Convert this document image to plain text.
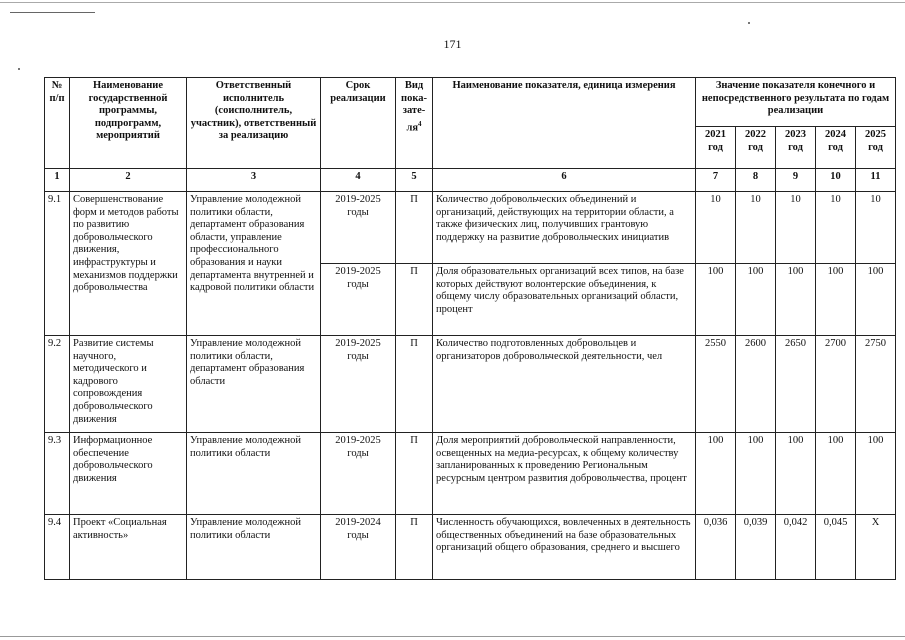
171
№ п/п	Наименование государственной программы, подпрограмм, мероприятий	Ответственный исполнитель (соисполнитель, участник), ответственный за реализацию	Срок реализации	Вид пока-$зате-ля^4$	Наименование показателя, единица измерения	Значение показателя конечного и непосредственного результата по годам реализации				
						2021 год	2022 год	2023 год	2024 год	2025 год
1	2	3	4	5	6	7	8	9	10	11
9.1	Совершенствование форм и методов работы по развитию добровольческого движения, инфраструктуры и механизмов поддержки добровольчества	Управление молодежной политики области, департамент образования области, управление профессионального образования и науки департамента внутренней и кадровой политики области	2019-2025 годы	П	Количество добровольческих объединений и организаций, действующих на территории области, а также физических лиц, получивших грантовую поддержку на развитие добровольческих инициатив	10	10	10	10	10
			2019-2025 годы	П	Доля образовательных организаций всех типов, на базе которых действуют волонтерские объединения, к общему числу образовательных организаций области, процент	100	100	100	100	100
9.2	Развитие системы научного, методического и кадрового сопровождения добровольческого движения	Управление молодежной политики области, департамент образования области	2019-2025 годы	П	Количество подготовленных добровольцев и организаторов добровольческой деятельности, чел	2550	2600	2650	2700	2750
9.3	Информационное обеспечение добровольческого движения	Управление молодежной политики области	2019-2025 годы	П	Доля мероприятий добровольческой направленности, освещенных на медиа-ресурсах, к общему количеству запланированных к проведению Региональным ресурсным центром развития добровольчества, процент	100	100	100	100	100
9.4	Проект «Социальная активность»	Управление молодежной политики области	2019-2024 годы	П	Численность обучающихся, вовлеченных в деятельность общественных объединений на базе образовательных организаций общего образования, среднего и высшего	0,036	0,039	0,042	0,045	Х
